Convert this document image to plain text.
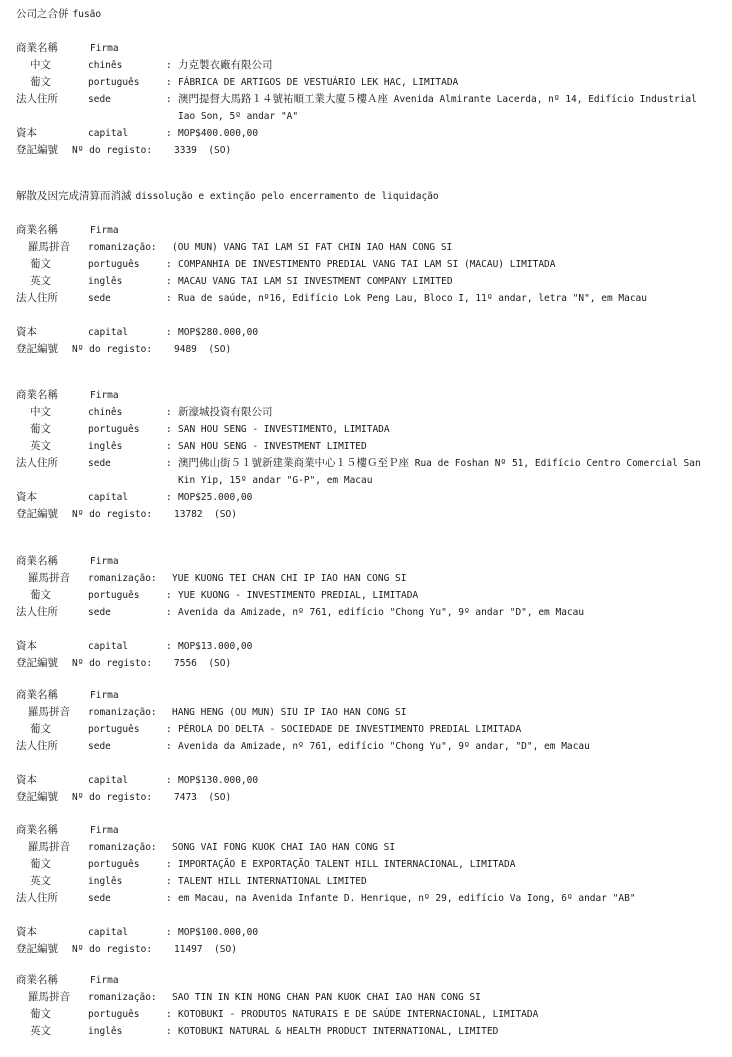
公司之合併 fusão
商業名稱	Firma
中文	chinês	: 力克製衣廠有限公司
葡文	português	: FÁBRICA DE ARTIGOS DE VESTUÁRIO LEK HAC, LIMITADA
法人住所	sede	: 澳門提督大馬路１４號祐順工業大廈５樓Ａ座 Avenida Almirante Lacerda, nº 14, Edifício Industrial Iao Son, 5º andar "A"
資本	capital	: MOP$400.000,00
登記編號 Nº do registo: 3339  (SO)
解散及因完成清算而消滅 dissolução e extinção pelo encerramento de liquidação
商業名稱	Firma
羅馬拼音 romanização: (OU MUN) VANG TAI LAM SI FAT CHIN IAO HAN CONG SI
葡文	português	: COMPANHIA DE INVESTIMENTO PREDIAL VANG TAI LAM SI (MACAU) LIMITADA
英文	inglês	: MACAU VANG TAI LAM SI INVESTMENT COMPANY LIMITED
法人住所	sede	: Rua de saúde, nº16, Edifício Lok Peng Lau, Bloco I, 11º andar, letra "N", em Macau
資本	capital	: MOP$280.000,00
登記編號 Nº do registo: 9489  (SO)
商業名稱	Firma
中文	chinês	: 新濠城投資有限公司
葡文	português	: SAN HOU SENG - INVESTIMENTO, LIMITADA
英文	inglês	: SAN HOU SENG - INVESTMENT LIMITED
法人住所	sede	: 澳門佛山街５１號新建業商業中心１５樓Ｇ至Ｐ座 Rua de Foshan Nº 51, Edifício Centro Comercial San Kin Yip, 15º andar "G-P", em Macau
資本	capital	: MOP$25.000,00
登記編號 Nº do registo: 13782  (SO)
商業名稱	Firma
羅馬拼音 romanização: YUE KUONG TEI CHAN CHI IP IAO HAN CONG SI
葡文	português	: YUE KUONG - INVESTIMENTO PREDIAL, LIMITADA
法人住所	sede	: Avenida da Amizade, nº 761, edifício "Chong Yu", 9º andar "D", em Macau
資本	capital	: MOP$13.000,00
登記編號 Nº do registo: 7556  (SO)
商業名稱	Firma
羅馬拼音 romanização: HANG HENG (OU MUN) SIU IP IAO HAN CONG SI
葡文	português	: PÉROLA DO DELTA - SOCIEDADE DE INVESTIMENTO PREDIAL LIMITADA
法人住所	sede	: Avenida da Amizade, nº 761, edifício "Chong Yu", 9º andar, "D", em Macau
資本	capital	: MOP$130.000,00
登記編號 Nº do registo: 7473  (SO)
商業名稱	Firma
羅馬拼音 romanização: SONG VAI FONG KUOK CHAI IAO HAN CONG SI
葡文	português	: IMPORTAÇÃO E EXPORTAÇÃO TALENT HILL INTERNACIONAL, LIMITADA
英文	inglês	: TALENT HILL INTERNATIONAL LIMITED
法人住所	sede	: em Macau, na Avenida Infante D. Henrique, nº 29, edifício Va Iong, 6º andar "AB"
資本	capital	: MOP$100.000,00
登記編號 Nº do registo: 11497  (SO)
商業名稱	Firma
羅馬拼音 romanização: SAO TIN IN KIN HONG CHAN PAN KUOK CHAI IAO HAN CONG SI
葡文	português	: KOTOBUKI - PRODUTOS NATURAIS E DE SAÚDE INTERNACIONAL, LIMITADA
英文	inglês	: KOTOBUKI NATURAL & HEALTH PRODUCT INTERNATIONAL, LIMITED
